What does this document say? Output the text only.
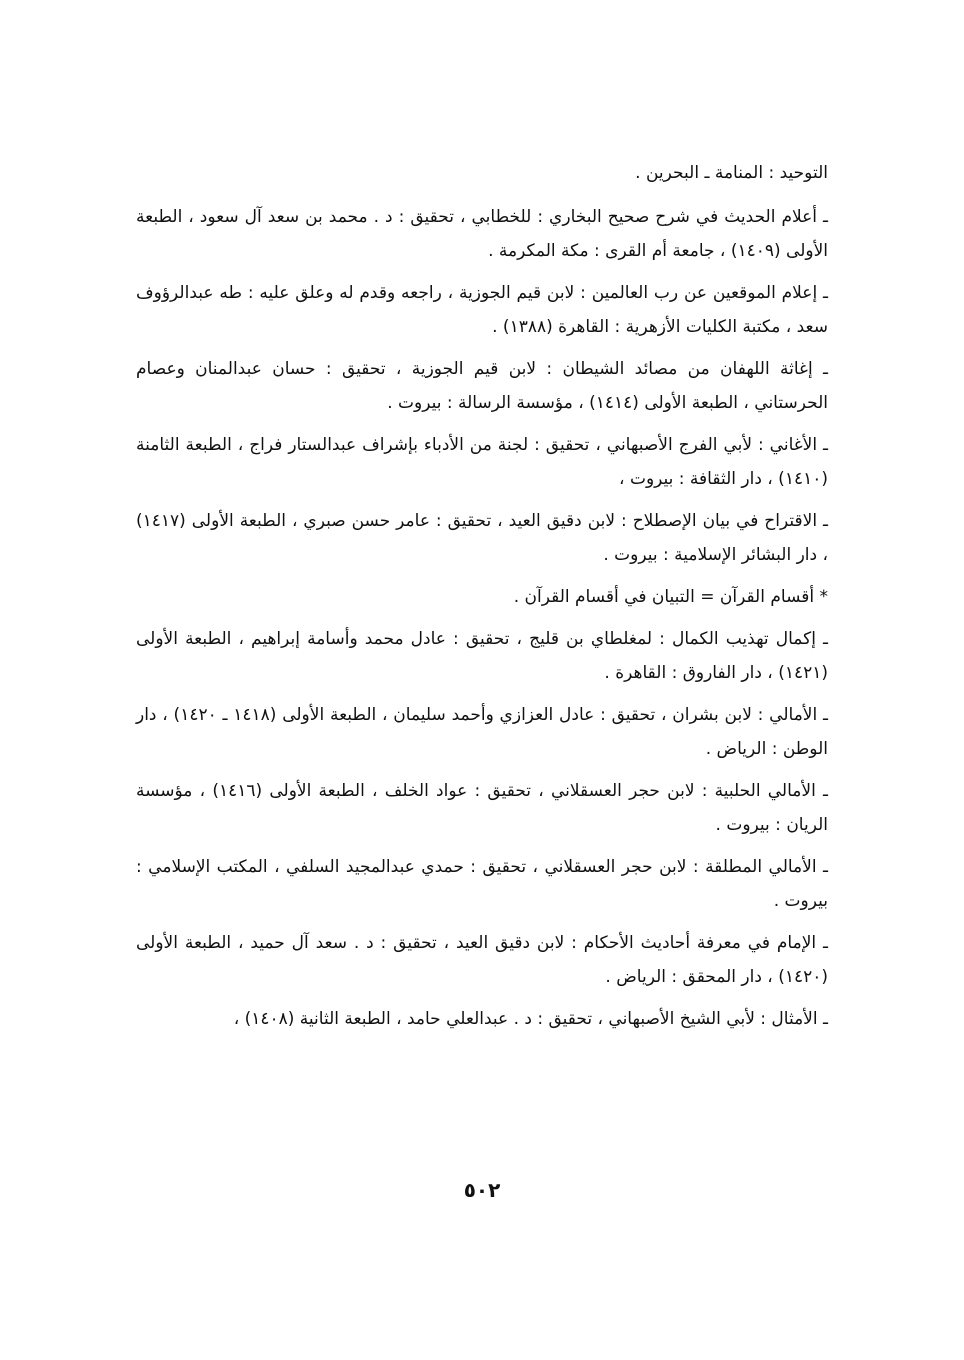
التوحيد : المنامة ـ البحرين .

ـ أعلام الحديث في شرح صحيح البخاري : للخطابي ، تحقيق : د . محمد بن سعد آل سعود ، الطبعة الأولى (١٤٠٩) ، جامعة أم القرى : مكة المكرمة .

ـ إعلام الموقعين عن رب العالمين : لابن قيم الجوزية ، راجعه وقدم له وعلق عليه : طه عبدالرؤوف سعد ، مكتبة الكليات الأزهرية : القاهرة (١٣٨٨) .

ـ إغاثة اللهفان من مصائد الشيطان : لابن قيم الجوزية ، تحقيق : حسان عبدالمنان وعصام الحرستاني ، الطبعة الأولى (١٤١٤) ، مؤسسة الرسالة : بيروت .

ـ الأغاني : لأبي الفرج الأصبهاني ، تحقيق : لجنة من الأدباء بإشراف عبدالستار فراج ، الطبعة الثامنة (١٤١٠) ، دار الثقافة : بيروت ،

ـ الاقتراح في بيان الإصطلاح : لابن دقيق العيد ، تحقيق : عامر حسن صبري ، الطبعة الأولى (١٤١٧) ، دار البشائر الإسلامية : بيروت .

* أقسام القرآن = التبيان في أقسام القرآن .

ـ إكمال تهذيب الكمال : لمغلطاي بن قليج ، تحقيق : عادل محمد وأسامة إبراهيم ، الطبعة الأولى (١٤٢١) ، دار الفاروق : القاهرة .

ـ الأمالي : لابن بشران ، تحقيق : عادل العزازي وأحمد سليمان ، الطبعة الأولى (١٤١٨ ـ ١٤٢٠) ، دار الوطن : الرياض .

ـ الأمالي الحلبية : لابن حجر العسقلاني ، تحقيق : عواد الخلف ، الطبعة الأولى (١٤١٦) ، مؤسسة الريان : بيروت .

ـ الأمالي المطلقة : لابن حجر العسقلاني ، تحقيق : حمدي عبدالمجيد السلفي ، المكتب الإسلامي : بيروت .

ـ الإمام في معرفة أحاديث الأحكام : لابن دقيق العيد ، تحقيق : د . سعد آل حميد ، الطبعة الأولى (١٤٢٠) ، دار المحقق : الرياض .

ـ الأمثال : لأبي الشيخ الأصبهاني ، تحقيق : د . عبدالعلي حامد ، الطبعة الثانية (١٤٠٨) ،

٥٠٢
